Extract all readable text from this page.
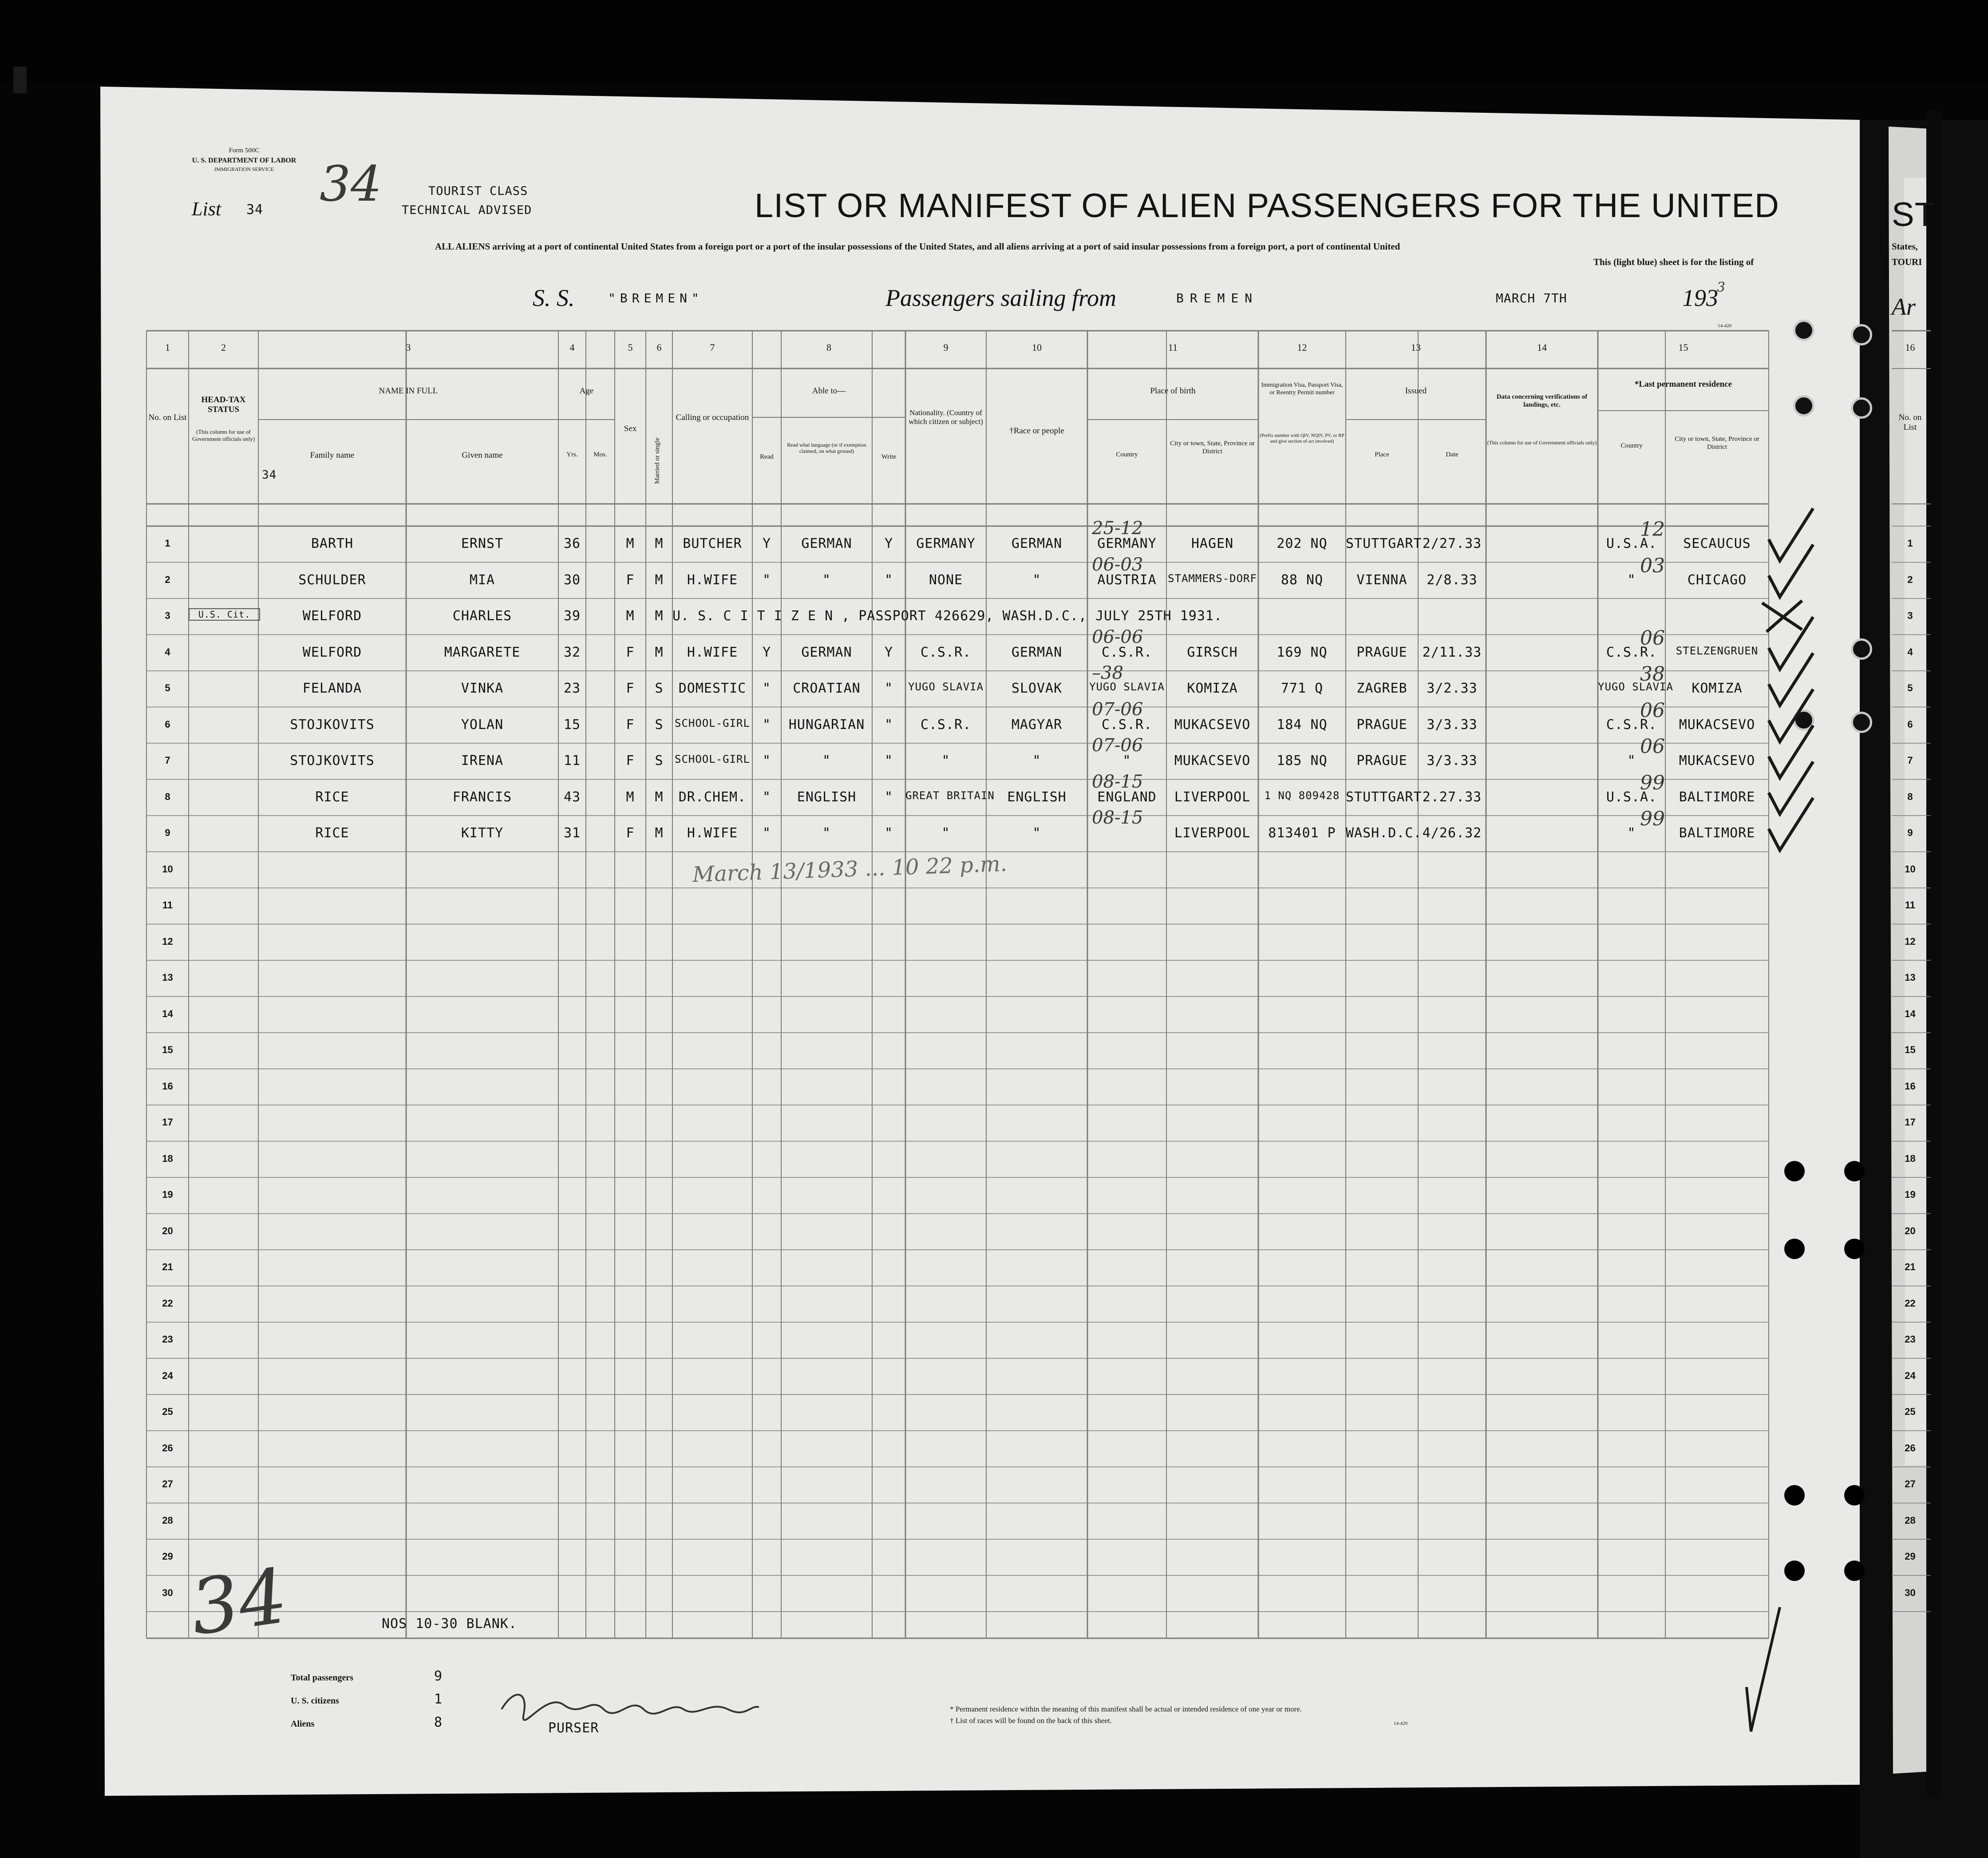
Form 500C
U. S. DEPARTMENT OF LABOR
IMMIGRATION SERVICE
List 34 34	TOURIST CLASS
TECHNICAL ADVISED	LIST OR MANIFEST OF ALIEN PASSENGERS FOR THE UNITED	ST
ALL ALIENS arriving at a port of continental United States from a foreign port or a port of the insular possessions of the United States, and all aliens arriving at a port of said insular possessions from a foreign port, a port of continental United
This (light blue) sheet is for the listing of
States,
TOURI
S. S.	"BREMEN"	Passengers sailing from	BREMEN	MARCH 7TH	193
3
Ar
14-420
1	2	3	4	5	6	7	8	9	10	11	12	13	14	15	16
No. on List
HEAD-TAX STATUS
(This column for use of Government officials only)
NAME IN FULL
Family name	Given name
Age
Yrs.	Mos.
Sex
Married or single
Calling or occupation
Able to—
Read
Read what language (or if exemption claimed, on what ground)
Write
Nationality. (Country of which citizen or subject)
†Race or people
Place of birth
Country
City or town, State, Province or District
Immigration Visa, Passport Visa, or Reentry Permit number
(Prefix number with QIV, NQIV, PV, or RP and give section of act involved)
Issued
Place	Date
Data concerning verifications of landings, etc.
(This column for use of Government officials only)
*Last permanent residence
Country
City or town, State, Province or District
No. on List
34
1	1
BARTH	ERNST	36	M	M	BUTCHER	Y	GERMAN	Y	GERMANY	GERMAN	GERMANY	HAGEN	202 NQ	STUTTGART 2/27.33	U.S.A.	SECAUCUS
25-12	12
2	2
SCHULDER	MIA	30	F	M	H.WIFE	"	"	"	NONE	"	AUSTRIA	STAMMERS-DORF	88 NQ	VIENNA	2/8.33	"	CHICAGO
06-03	03
3	3
WELFORD	CHARLES	39	M	M U. S. C I T I Z E N , PASSPORT 426629, WASH.D.C., JULY 25TH 1931.
U.S. Cit.
4	4
WELFORD	MARGARETE	32	F	M	H.WIFE	Y	GERMAN	Y	C.S.R.	GERMAN	C.S.R.	GIRSCH	169 NQ	PRAGUE	2/11.33	C.S.R.	STELZENGRUEN
06-06	06
5	5
FELANDA	VINKA	23	F	S	DOMESTIC	"	CROATIAN	"	YUGO SLAVIA	SLOVAK	YUGO SLAVIA	KOMIZA	771 Q	ZAGREB	3/2.33	YUGO SLAVIA	KOMIZA
–38	38
6	6
STOJKOVITS	YOLAN	15	F	S	SCHOOL-GIRL "	HUNGARIAN	"	C.S.R.	MAGYAR	C.S.R.	MUKACSEVO	184 NQ	PRAGUE	3/3.33	C.S.R.	MUKACSEVO
07-06	06
7	7
STOJKOVITS	IRENA	11	F	S	SCHOOL-GIRL "	"	"	"	"	"	MUKACSEVO	185 NQ	PRAGUE	3/3.33	"	MUKACSEVO
07-06	06
8	8
RICE	FRANCIS	43	M	M	DR.CHEM.	"	ENGLISH	"	GREAT BRITAIN ENGLISH	ENGLAND	LIVERPOOL	1 NQ 809428 STUTTGART 2.27.33	U.S.A.	BALTIMORE
08-15	99
9	9
RICE	KITTY	31	F	M	H.WIFE	"	"	"	"	"	LIVERPOOL	813401 P WASH.D.C. 4/26.32	"	BALTIMORE
08-15	99
10	10
11	11
12	12
13	13
14	14
15	15
16	16
17	17
18	18
19	19
20	20
21	21
22	22
23	23
24	24
25	25
26	26
27	27
28	28
29	29
30	30
March 13/1933 ... 10 22 p.m.
NOS 10-30 BLANK.
34
Total passengers	9
U. S. citizens	1
Aliens	8	PURSER
* Permanent residence within the meaning of this manifest shall be actual or intended residence of one year or more.
† List of races will be found on the back of this sheet.	14-420
